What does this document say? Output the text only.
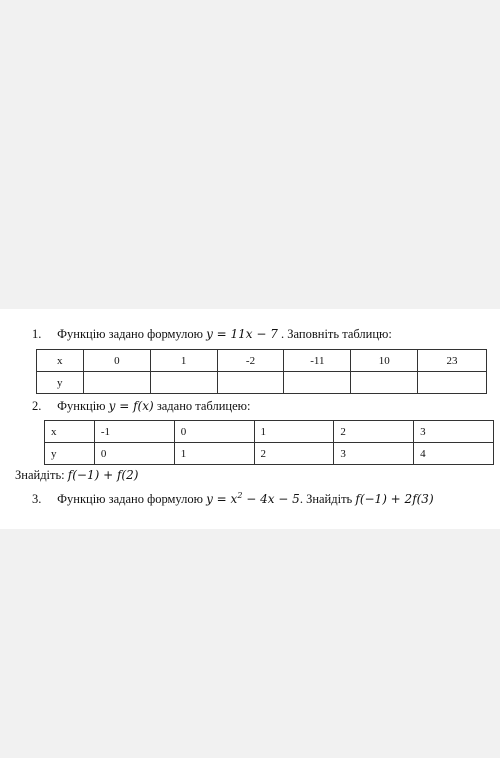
1. Функцію задано формулою y = 11x − 7 . Заповніть таблицю:
x	0	1	-2	-11	10	23
y						
2. Функцію y = f(x) задано таблицею:
x	-1	0	1	2	3
y	0	1	2	3	4
Знайдіть: f(−1) + f(2)
3. Функцію задано формулою $y = x^2 - 4x - 5$. Знайдіть f(−1) + 2f(3)
